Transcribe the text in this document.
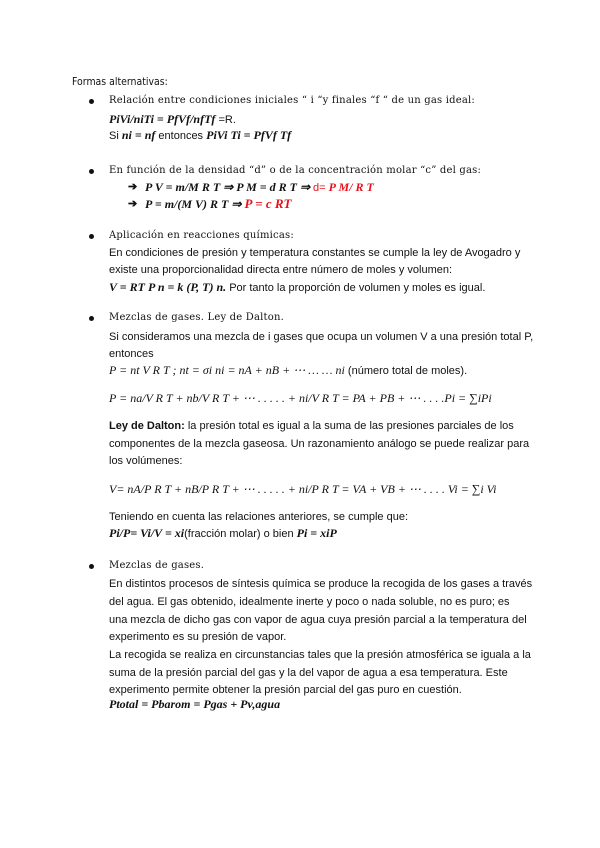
Formas alternativas:
Relación entre condiciones iniciales “ i “y finales “f “ de un gas ideal:
PiVi/niTi = PfVf/nfTf =R.
Si ni = nf entonces PiVi Ti = PfVf Tf
En función de la densidad “d” o de la concentración molar “c” del gas:
➔ P V = m/M R T ⇒ P M = d R T ⇒ d= P M/ R T
➔ P = m/(M V) R T ⇒ P = c RT
Aplicación en reacciones químicas:
En condiciones de presión y temperatura constantes se cumple la ley de Avogadro y
existe una proporcionalidad directa entre número de moles y volumen:
V = RT P n = k (P, T) n. Por tanto la proporción de volumen y moles es igual.
Mezclas de gases. Ley de Dalton.
Si consideramos una mezcla de i gases que ocupa un volumen V a una presión total P,
entonces
P = nt V R T ; nt = σi ni = nA + nB + ⋯ … … ni (número total de moles).
P = na/V R T + nb/V R T + ⋯ . . . . . + ni/V R T = PA + PB + ⋯ . . . .Pi = ∑iPi
Ley de Dalton: la presión total es igual a la suma de las presiones parciales de los
componentes de la mezcla gaseosa. Un razonamiento análogo se puede realizar para
los volúmenes:
V= nA/P R T + nB/P R T + ⋯ . . . . . + ni/P R T = VA + VB + ⋯ . . . . Vi = ∑i Vi
Teniendo en cuenta las relaciones anteriores, se cumple que:
Pi/P= Vi/V = xi(fracción molar) o bien Pi = xiP
Mezclas de gases.
En distintos procesos de síntesis química se produce la recogida de los gases a través
del agua. El gas obtenido, idealmente inerte y poco o nada soluble, no es puro; es
una mezcla de dicho gas con vapor de agua cuya presión parcial a la temperatura del
experimento es su presión de vapor.
La recogida se realiza en circunstancias tales que la presión atmosférica se iguala a la
suma de la presión parcial del gas y la del vapor de agua a esa temperatura. Este
experimento permite obtener la presión parcial del gas puro en cuestión.
Ptotal = Pbarom = Pgas + Pv,agua
